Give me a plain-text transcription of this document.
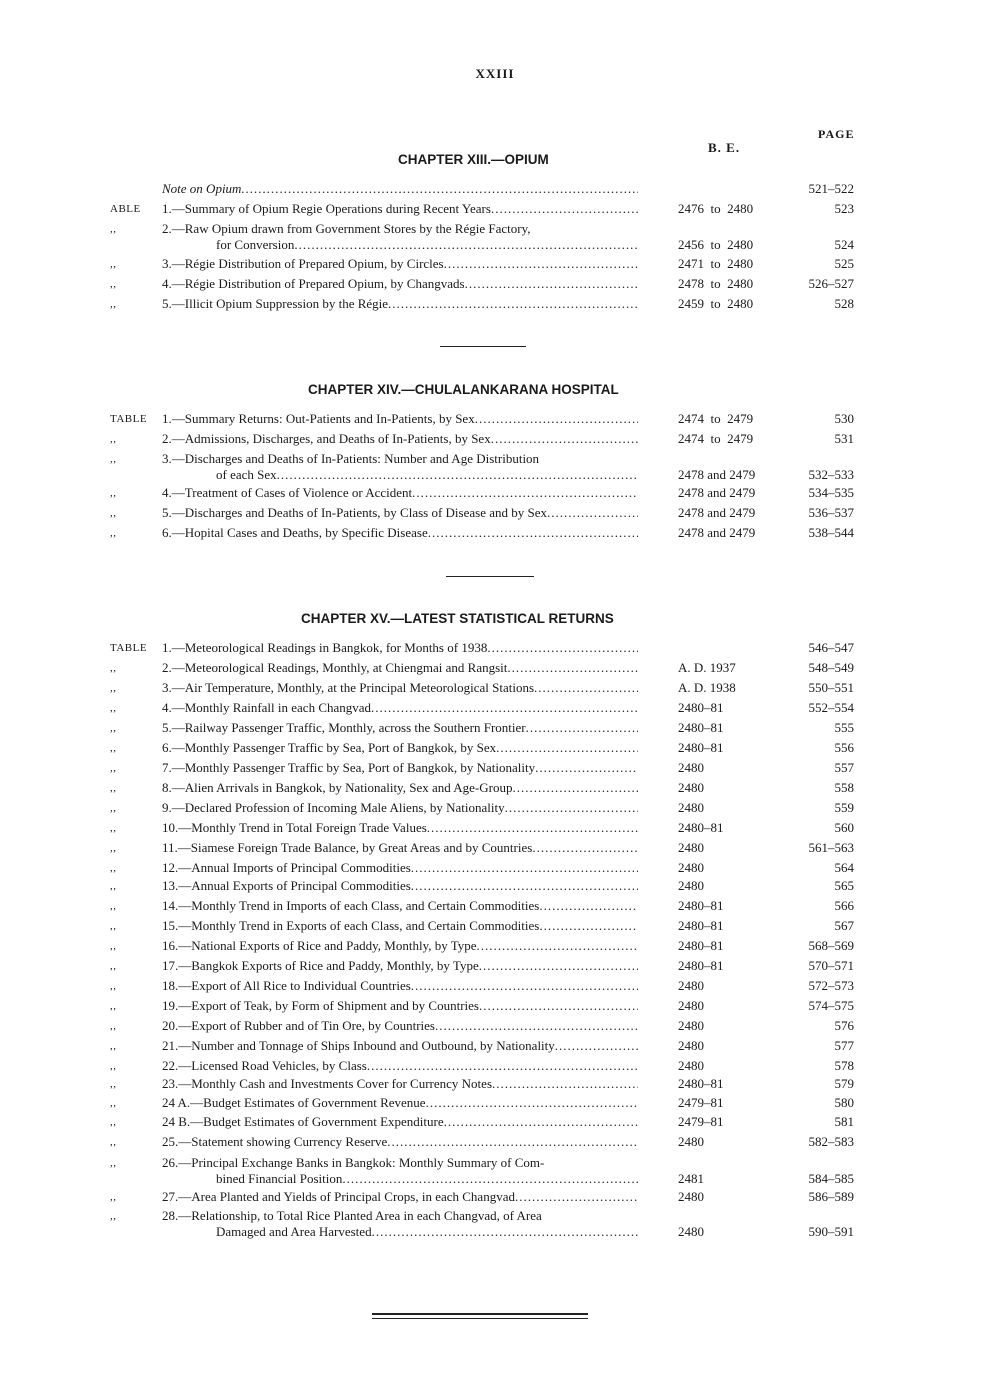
XXIII
PAGE
B. E.
CHAPTER XIII.—OPIUM
Note on Opium .....	521–522
ABLE	1.—Summary of Opium Regie Operations during Recent Years .....	2476  to  2480	523
,,	2.—Raw Opium drawn from Government Stores by the Régie Factory,
for Conversion .....	2456  to  2480	524
,,	3.—Régie Distribution of Prepared Opium, by Circles .....	2471  to  2480	525
,,	4.—Régie Distribution of Prepared Opium, by Changvads .....	2478  to  2480	526–527
,,	5.—Illicit Opium Suppression by the Régie .....	2459  to  2480	528
CHAPTER XIV.—CHULALANKARANA HOSPITAL
TABLE	1.—Summary Returns: Out-Patients and In-Patients, by Sex .....	2474  to  2479	530
,,	2.—Admissions, Discharges, and Deaths of In-Patients, by Sex .....	2474  to  2479	531
,,	3.—Discharges and Deaths of In-Patients: Number and Age Distribution
of each Sex .....	2478 and 2479	532–533
,,	4.—Treatment of Cases of Violence or Accident .....	2478 and 2479	534–535
,,	5.—Discharges and Deaths of In-Patients, by Class of Disease and by Sex .....	2478 and 2479	536–537
,,	6.—Hopital Cases and Deaths, by Specific Disease .....	2478 and 2479	538–544
CHAPTER XV.—LATEST STATISTICAL RETURNS
TABLE	1.—Meteorological Readings in Bangkok, for Months of 1938 .....	546–547
,,	2.—Meteorological Readings, Monthly, at Chiengmai and Rangsit .....	A. D. 1937	548–549
,,	3.—Air Temperature, Monthly, at the Principal Meteorological Stations .....	A. D. 1938	550–551
,,	4.—Monthly Rainfall in each Changvad .....	2480–81	552–554
,,	5.—Railway Passenger Traffic, Monthly, across the Southern Frontier .....	2480–81	555
,,	6.—Monthly Passenger Traffic by Sea, Port of Bangkok, by Sex .....	2480–81	556
,,	7.—Monthly Passenger Traffic by Sea, Port of Bangkok, by Nationality .....	2480	557
,,	8.—Alien Arrivals in Bangkok, by Nationality, Sex and Age-Group .....	2480	558
,,	9.—Declared Profession of Incoming Male Aliens, by Nationality .....	2480	559
,,	10.—Monthly Trend in Total Foreign Trade Values .....	2480–81	560
,,	11.—Siamese Foreign Trade Balance, by Great Areas and by Countries .....	2480	561–563
,,	12.—Annual Imports of Principal Commodities .....	2480	564
,,	13.—Annual Exports of Principal Commodities .....	2480	565
,,	14.—Monthly Trend in Imports of each Class, and Certain Commodities .....	2480–81	566
,,	15.—Monthly Trend in Exports of each Class, and Certain Commodities .....	2480–81	567
,,	16.—National Exports of Rice and Paddy, Monthly, by Type .....	2480–81	568–569
,,	17.—Bangkok Exports of Rice and Paddy, Monthly, by Type .....	2480–81	570–571
,,	18.—Export of All Rice to Individual Countries .....	2480	572–573
,,	19.—Export of Teak, by Form of Shipment and by Countries .....	2480	574–575
,,	20.—Export of Rubber and of Tin Ore, by Countries .....	2480	576
,,	21.—Number and Tonnage of Ships Inbound and Outbound, by Nationality .....	2480	577
,,	22.—Licensed Road Vehicles, by Class .....	2480	578
,,	23.—Monthly Cash and Investments Cover for Currency Notes .....	2480–81	579
,,	24 A.—Budget Estimates of Government Revenue .....	2479–81	580
,,	24 B.—Budget Estimates of Government Expenditure .....	2479–81	581
,,	25.—Statement showing Currency Reserve .....	2480	582–583
,,	26.—Principal Exchange Banks in Bangkok: Monthly Summary of Com-
bined Financial Position .....	2481	584–585
,,	27.—Area Planted and Yields of Principal Crops, in each Changvad .....	2480	586–589
,,	28.—Relationship, to Total Rice Planted Area in each Changvad, of Area
Damaged and Area Harvested .....	2480	590–591
